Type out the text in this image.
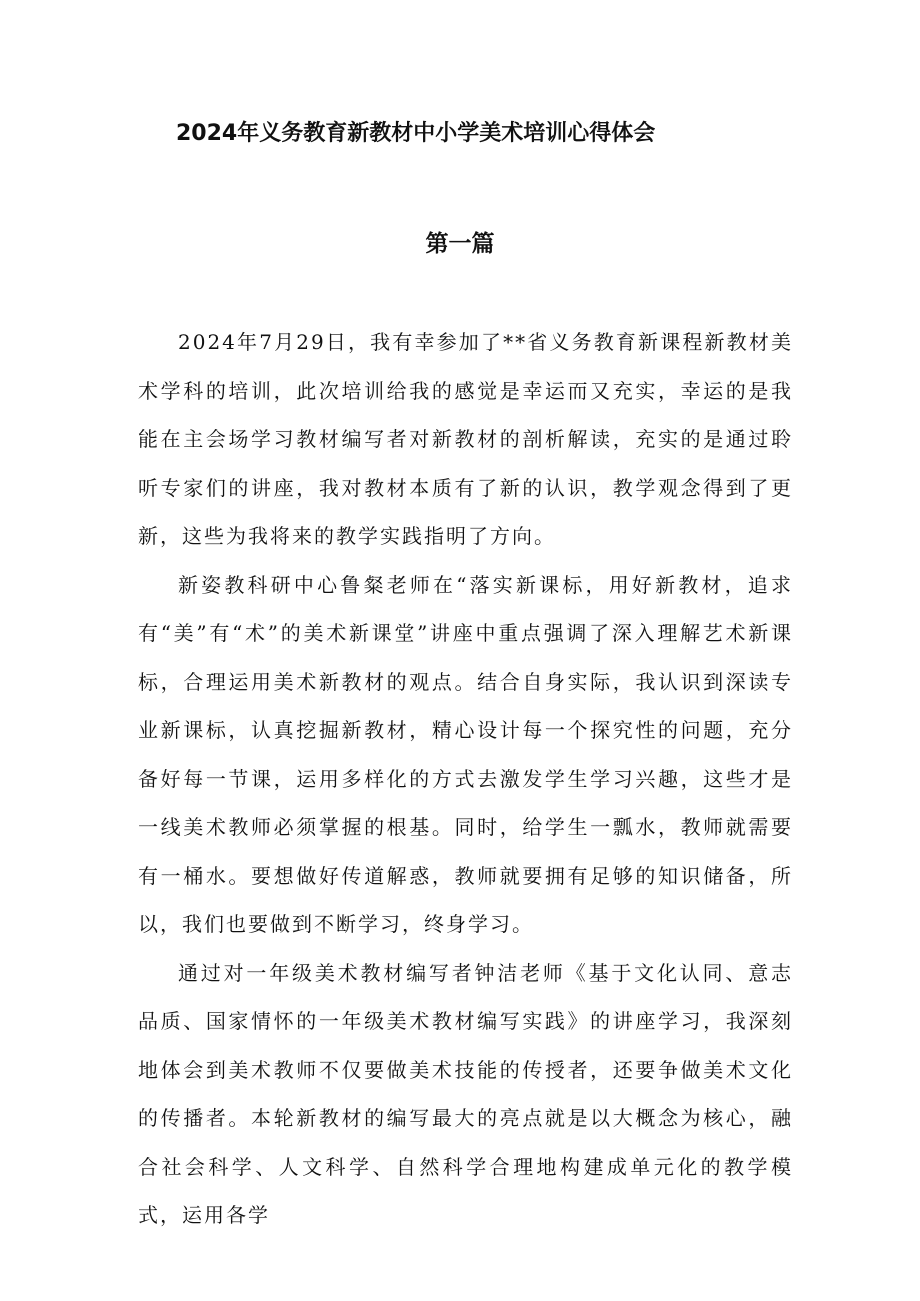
2024年义务教育新教材中小学美术培训心得体会
第一篇

2024年7月29日，我有幸参加了**省义务教育新课程新教材美术学科的培训，此次培训给我的感觉是幸运而又充实，幸运的是我能在主会场学习教材编写者对新教材的剖析解读，充实的是通过聆听专家们的讲座，我对教材本质有了新的认识，教学观念得到了更新，这些为我将来的教学实践指明了方向。

新姿教科研中心鲁粲老师在“落实新课标，用好新教材，追求有“美”有“术”的美术新课堂”讲座中重点强调了深入理解艺术新课标，合理运用美术新教材的观点。结合自身实际，我认识到深读专业新课标，认真挖掘新教材，精心设计每一个探究性的问题，充分备好每一节课，运用多样化的方式去激发学生学习兴趣，这些才是一线美术教师必须掌握的根基。同时，给学生一瓢水，教师就需要有一桶水。要想做好传道解惑，教师就要拥有足够的知识储备，所以，我们也要做到不断学习，终身学习。

通过对一年级美术教材编写者钟洁老师《基于文化认同、意志品质、国家情怀的一年级美术教材编写实践》的讲座学习，我深刻地体会到美术教师不仅要做美术技能的传授者，还要争做美术文化的传播者。本轮新教材的编写最大的亮点就是以大概念为核心，融合社会科学、人文科学、自然科学合理地构建成单元化的教学模式，运用各学
